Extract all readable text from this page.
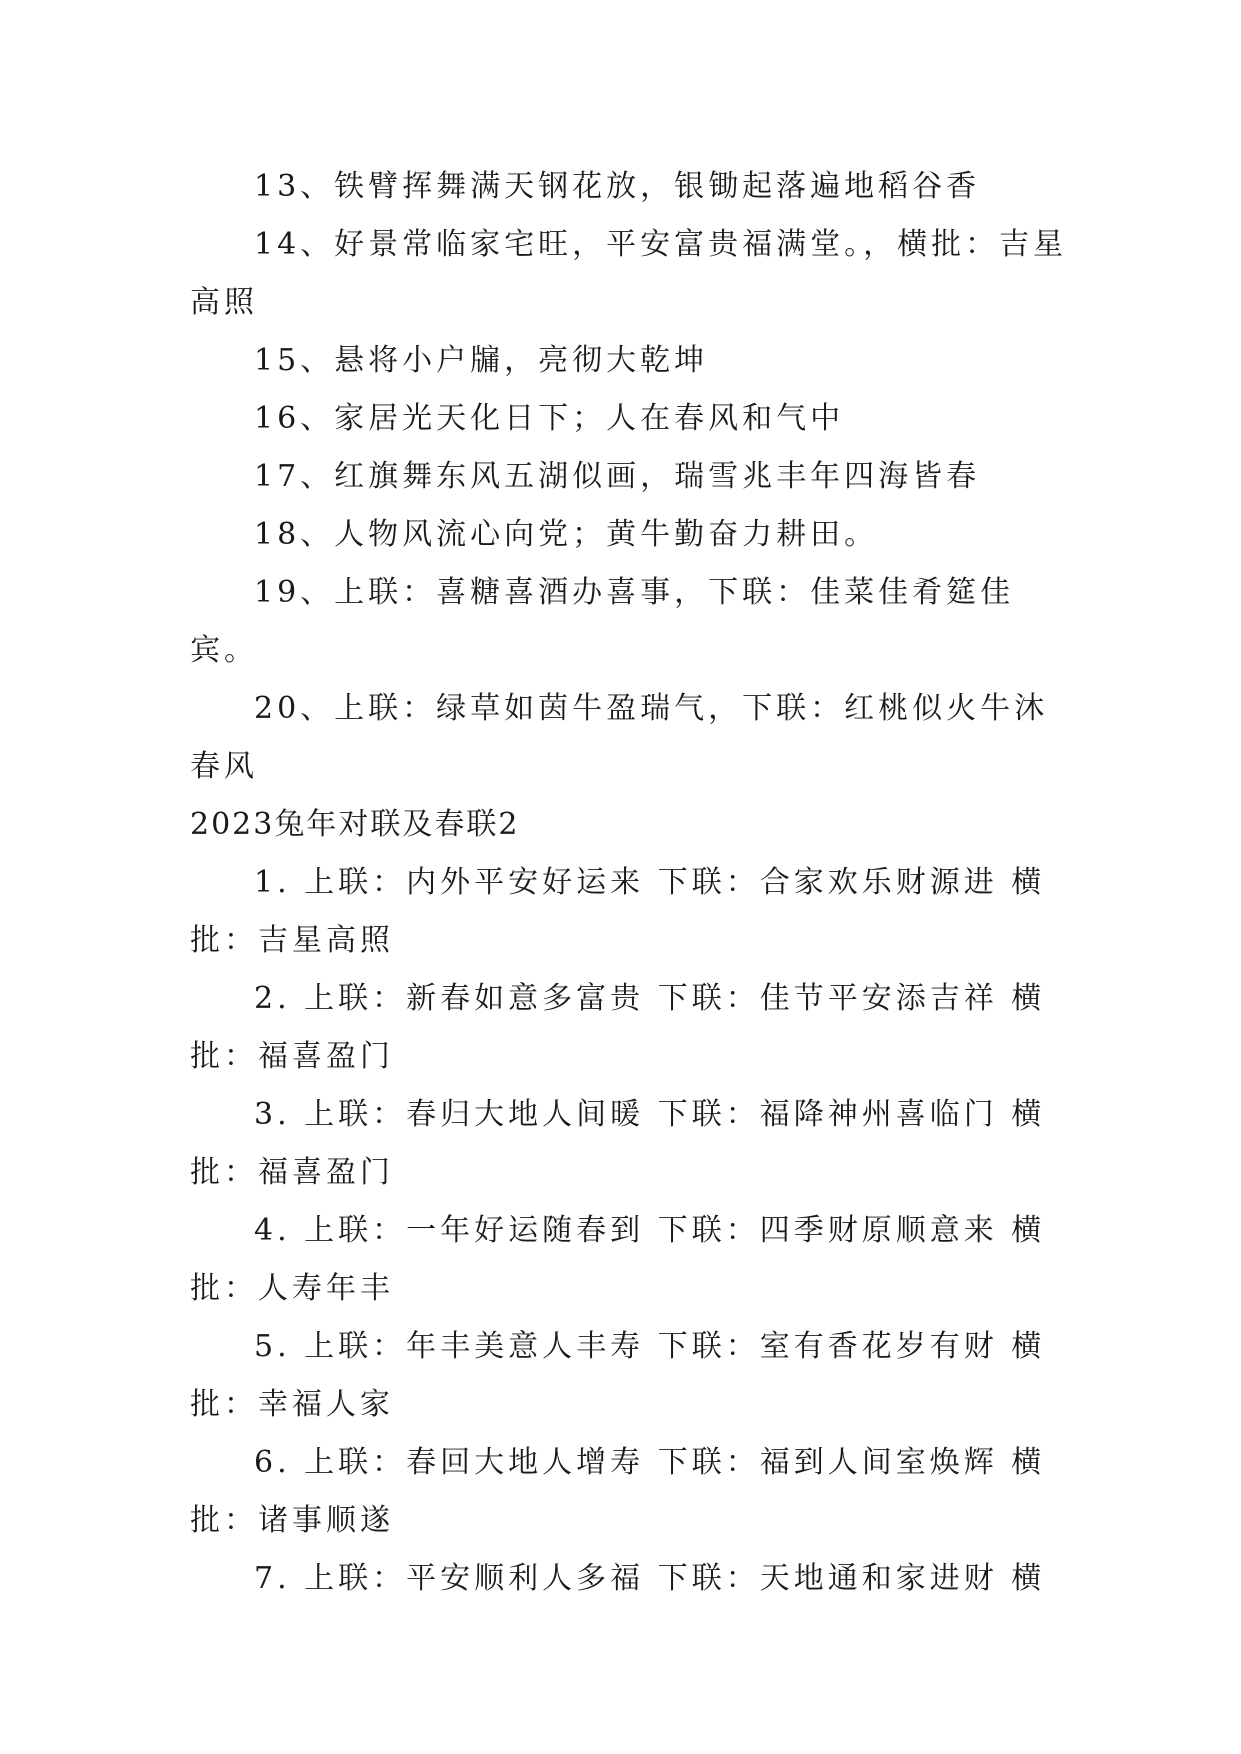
13、铁臂挥舞满天钢花放，银锄起落遍地稻谷香

14、好景常临家宅旺，平安富贵福满堂。，横批：吉星高照

15、悬将小户牖，亮彻大乾坤

16、家居光天化日下；人在春风和气中

17、红旗舞东风五湖似画，瑞雪兆丰年四海皆春

18、人物风流心向党；黄牛勤奋力耕田。

19、上联：喜糖喜酒办喜事，下联：佳菜佳肴筵佳宾。

20、上联：绿草如茵牛盈瑞气，下联：红桃似火牛沐春风

2023兔年对联及春联2

1. 上联：内外平安好运来 下联：合家欢乐财源进 横批：吉星高照

2. 上联：新春如意多富贵 下联：佳节平安添吉祥 横批：福喜盈门

3. 上联：春归大地人间暖 下联：福降神州喜临门 横批：福喜盈门

4. 上联：一年好运随春到 下联：四季财原顺意来 横批：人寿年丰

5. 上联：年丰美意人丰寿 下联：室有香花岁有财 横批：幸福人家

6. 上联：春回大地人增寿 下联：福到人间室焕辉 横批：诸事顺遂

7. 上联：平安顺利人多福 下联：天地通和家进财 横
